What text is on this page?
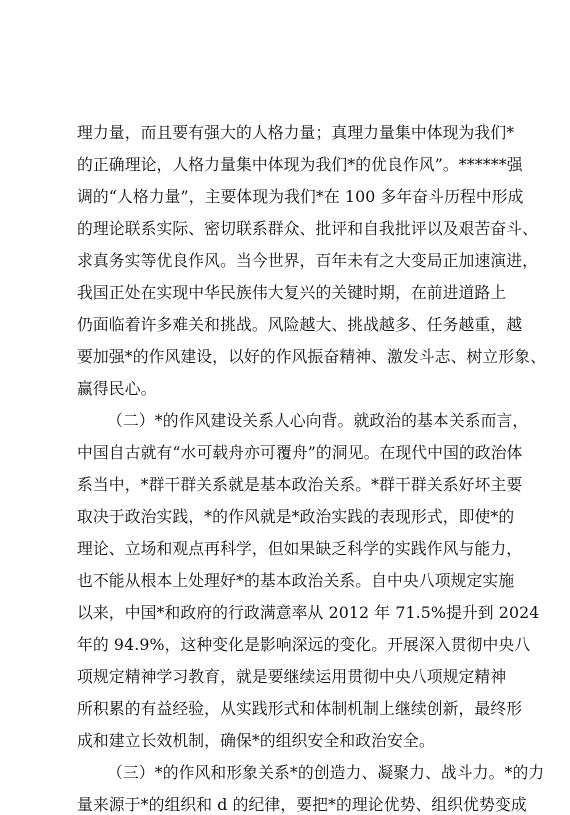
理力量，而且要有强大的人格力量；真理力量集中体现为我们*
的正确理论，人格力量集中体现为我们*的优良作风”。******强
调的“人格力量”，主要体现为我们*在 100 多年奋斗历程中形成
的理论联系实际、密切联系群众、批评和自我批评以及艰苦奋斗、
求真务实等优良作风。当今世界，百年未有之大变局正加速演进，
我国正处在实现中华民族伟大复兴的关键时期，在前进道路上
仍面临着许多难关和挑战。风险越大、挑战越多、任务越重，越
要加强*的作风建设，以好的作风振奋精神、激发斗志、树立形象、
赢得民心。
（二）*的作风建设关系人心向背。就政治的基本关系而言，
中国自古就有“水可载舟亦可覆舟”的洞见。在现代中国的政治体
系当中，*群干群关系就是基本政治关系。*群干群关系好坏主要
取决于政治实践，*的作风就是*政治实践的表现形式，即使*的
理论、立场和观点再科学，但如果缺乏科学的实践作风与能力，
也不能从根本上处理好*的基本政治关系。自中央八项规定实施
以来，中国*和政府的行政满意率从 2012 年 71.5%提升到 2024
年的 94.9%，这种变化是影响深远的变化。开展深入贯彻中央八
项规定精神学习教育，就是要继续运用贯彻中央八项规定精神
所积累的有益经验，从实践形式和体制机制上继续创新，最终形
成和建立长效机制，确保*的组织安全和政治安全。
（三）*的作风和形象关系*的创造力、凝聚力、战斗力。*的力
量来源于*的组织和 d 的纪律，要把*的理论优势、组织优势变成
